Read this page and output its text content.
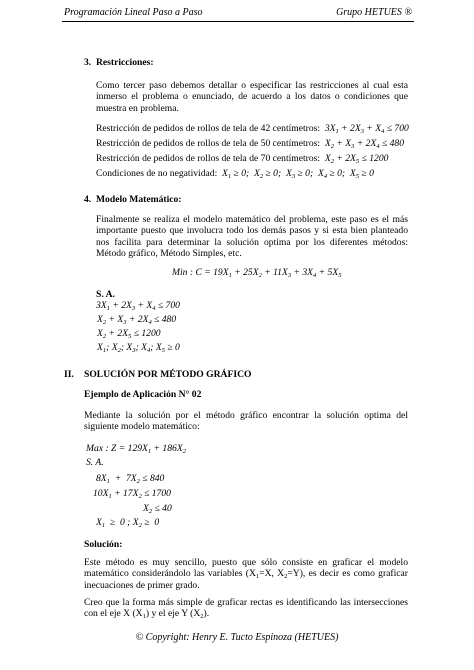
Programación Lineal Paso a Paso	Grupo HETUES ®
3. Restricciones:
Como tercer paso debemos detallar o especificar las restricciones al cual esta inmerso el problema o enunciado, de acuerdo a los datos o condiciones que muestra en problema.
Restricción de pedidos de rollos de tela de 42 centímetros:  $3X_1 + 2X_3 + X_4 \le 700$
Restricción de pedidos de rollos de tela de 50 centímetros:  $X_2 + X_3 + 2X_4 \le 480$
Restricción de pedidos de rollos de tela de 70 centímetros:  $X_2 + 2X_5 \le 1200$
Condiciones de no negatividad:  $X_1 \ge 0$;  $X_2 \ge 0$;  $X_3 \ge 0$;  $X_4 \ge 0$;  $X_5 \ge 0$
4. Modelo Matemático:
Finalmente se realiza el modelo matemático del problema, este paso es el más importante puesto que involucra todo los demás pasos y si esta bien planteado nos facilita para determinar la solución optima por los diferentes métodos: Método gráfico, Método Simples, etc.
Min : $C = 19X_1 + 25X_2 + 11X_3 + 3X_4 + 5X_5$
S. A.
$3X_1 + 2X_3 + X_4 \le 700$
$X_2 + X_3 + 2X_4 \le 480$
$X_2 + 2X_5 \le 1200$
$X_1$; $X_2$; $X_3$; $X_4$; $X_5 \ge 0$
II. SOLUCIÓN POR MÉTODO GRÁFICO
Ejemplo de Aplicación N° 02
Mediante la solución por el método gráfico encontrar la solución optima del siguiente modelo matemático:
Max : $Z = 129X_1 + 186X_2$
S. A.
$8X_1 + 7X_2 \le 840$
$10X_1 + 17X_2 \le 1700$
$X_2 \le 40$
$X_1 \ge 0$ ; $X_2 \ge 0$
Solución:
Este método es muy sencillo, puesto que sólo consiste en graficar el modelo matemático considerándolo las variables ($X_1=X$, $X_2=Y$), es decir es como graficar inecuaciones de primer grado.
Creo que la forma más simple de graficar rectas es identificando las intersecciones con el eje X $(X_1)$ y el eje Y $(X_2)$.
© Copyright: Henry E. Tucto Espinoza (HETUES)
